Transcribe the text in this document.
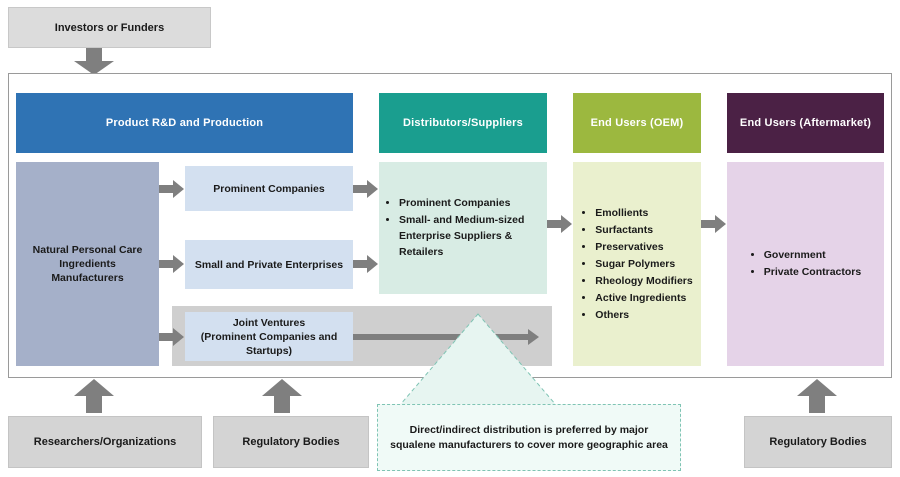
Investors or Funders
Product R&D and Production	Distributors/Suppliers	End Users (OEM)	End Users (Aftermarket)
Natural Personal Care Ingredients Manufacturers
Prominent Companies
Small and Private Enterprises
Joint Ventures
(Prominent Companies and
Startups)
• Prominent Companies
• Small- and Medium-sized Enterprise Suppliers & Retailers
• Emollients
• Surfactants
• Preservatives
• Sugar Polymers
• Rheology Modifiers
• Active Ingredients
• Others
• Government
• Private Contractors
Direct/indirect distribution is preferred by major squalene manufacturers to cover more geographic area
Researchers/Organizations	Regulatory Bodies	Regulatory Bodies
